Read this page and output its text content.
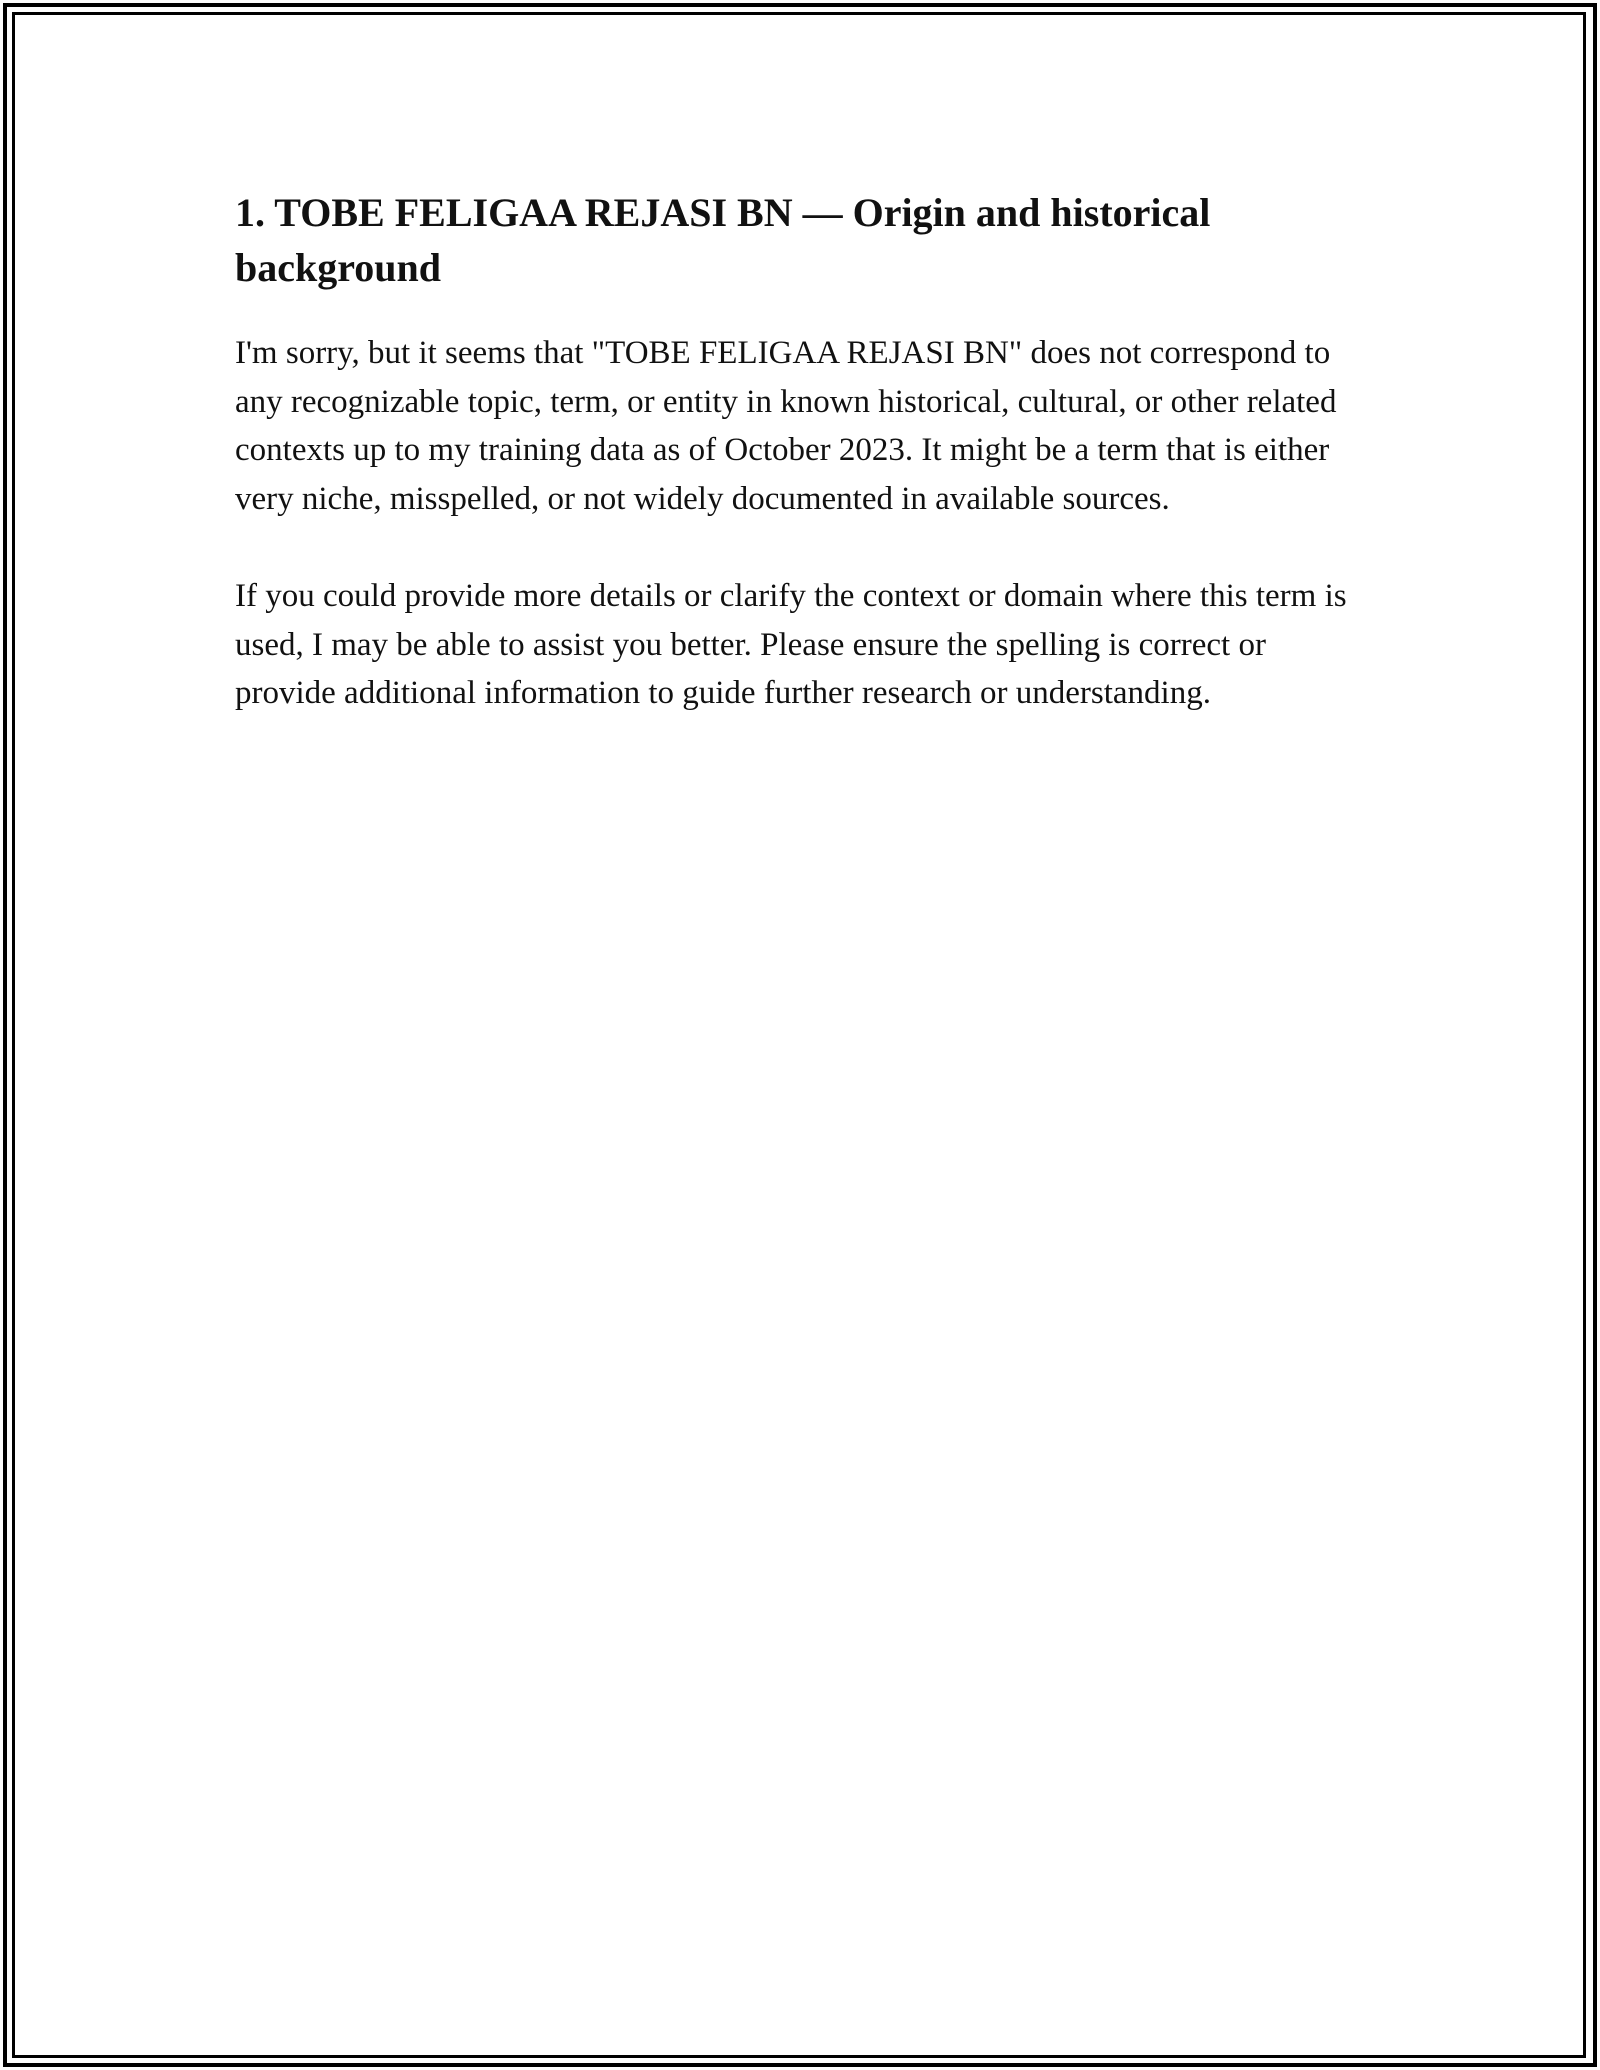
1. TOBE FELIGAA REJASI BN — Origin and historical background

I'm sorry, but it seems that "TOBE FELIGAA REJASI BN" does not correspond to any recognizable topic, term, or entity in known historical, cultural, or other related contexts up to my training data as of October 2023. It might be a term that is either very niche, misspelled, or not widely documented in available sources.

If you could provide more details or clarify the context or domain where this term is used, I may be able to assist you better. Please ensure the spelling is correct or provide additional information to guide further research or understanding.
